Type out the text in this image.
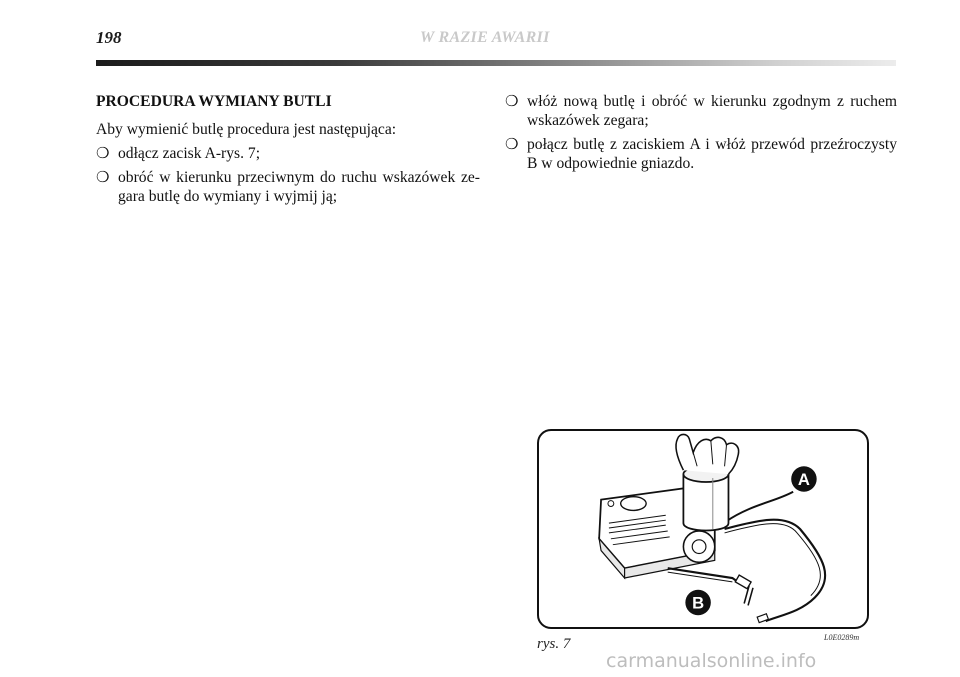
198	W RAZIE AWARII
PROCEDURA WYMIANY BUTLI
Aby wymienić butlę procedura jest następująca:
❍ odłącz zacisk A-rys. 7;
❍ obróć w kierunku przeciwnym do ruchu wskazówek ze-gara butlę do wymiany i wyjmij ją;
❍ włóż nową butlę i obróć w kierunku zgodnym z ruchem wskazówek zegara;
❍ połącz butlę z zaciskiem A i włóż przewód przeźroczysty B w odpowiednie gniazdo.
A
B
rys. 7	L0E0289m
carmanualsonline.info
